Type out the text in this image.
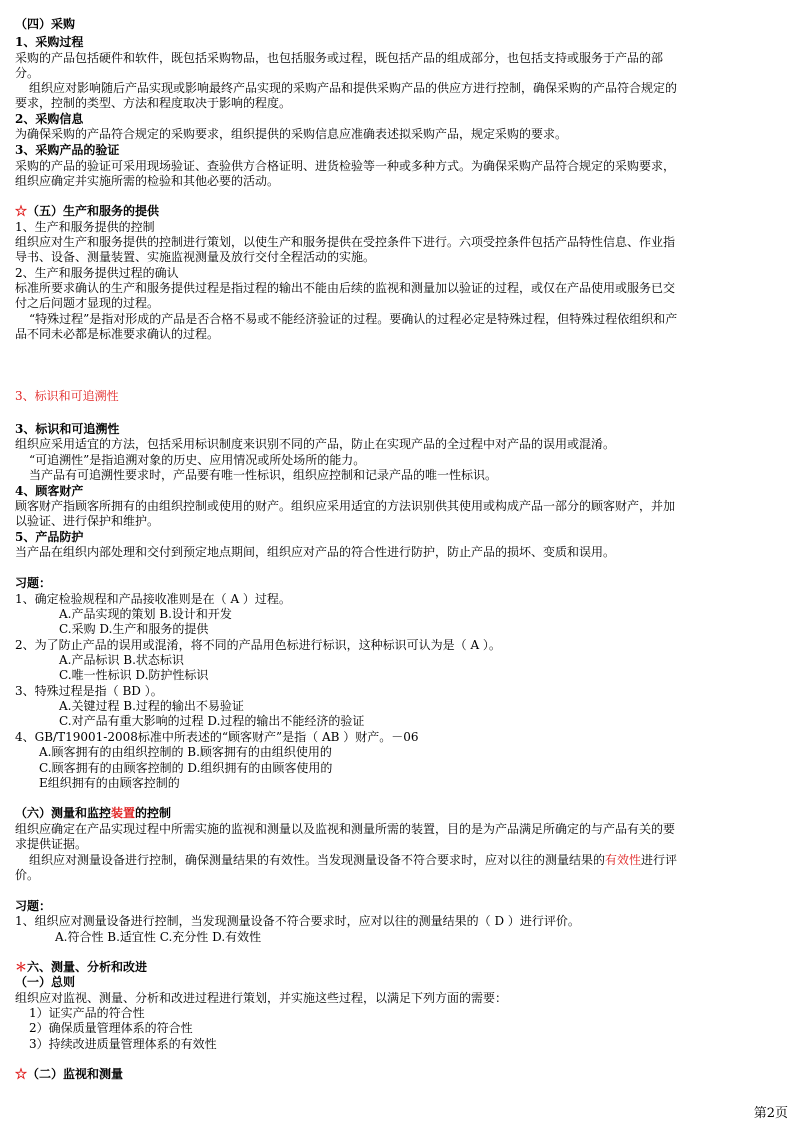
（四）采购
1、采购过程
采购的产品包括硬件和软件，既包括采购物品，也包括服务或过程，既包括产品的组成部分，也包括支持或服务于产品的部
分。
组织应对影响随后产品实现或影响最终产品实现的采购产品和提供采购产品的供应方进行控制，确保采购的产品符合规定的
要求，控制的类型、方法和程度取决于影响的程度。
2、采购信息
为确保采购的产品符合规定的采购要求，组织提供的采购信息应准确表述拟采购产品，规定采购的要求。
3、采购产品的验证
采购的产品的验证可采用现场验证、查验供方合格证明、进货检验等一种或多种方式。为确保采购产品符合规定的采购要求，
组织应确定并实施所需的检验和其他必要的活动。
☆（五）生产和服务的提供
1、生产和服务提供的控制
组织应对生产和服务提供的控制进行策划，以使生产和服务提供在受控条件下进行。六项受控条件包括产品特性信息、作业指
导书、设备、测量装置、实施监视测量及放行交付全程活动的实施。
2、生产和服务提供过程的确认
标准所要求确认的生产和服务提供过程是指过程的输出不能由后续的监视和测量加以验证的过程，或仅在产品使用或服务已交
付之后问题才显现的过程。
“特殊过程”是指对形成的产品是否合格不易或不能经济验证的过程。要确认的过程必定是特殊过程，但特殊过程依组织和产
品不同未必都是标准要求确认的过程。
3、标识和可追溯性
3、标识和可追溯性
组织应采用适宜的方法，包括采用标识制度来识别不同的产品，防止在实现产品的全过程中对产品的误用或混淆。
“可追溯性”是指追溯对象的历史、应用情况或所处场所的能力。
当产品有可追溯性要求时，产品要有唯一性标识，组织应控制和记录产品的唯一性标识。
4、顾客财产
顾客财产指顾客所拥有的由组织控制或使用的财产。组织应采用适宜的方法识别供其使用或构成产品一部分的顾客财产，并加
以验证、进行保护和维护。
5、产品防护
当产品在组织内部处理和交付到预定地点期间，组织应对产品的符合性进行防护，防止产品的损坏、变质和误用。
习题：
1、确定检验规程和产品接收准则是在（ A ）过程。
A.产品实现的策划 B.设计和开发
C.采购 D.生产和服务的提供
2、为了防止产品的误用或混淆，将不同的产品用色标进行标识，这种标识可认为是（ A ）。
A.产品标识 B.状态标识
C.唯一性标识 D.防护性标识
3、特殊过程是指（ BD ）。
A.关键过程 B.过程的输出不易验证
C.对产品有重大影响的过程 D.过程的输出不能经济的验证
4、GB/T19001-2008标准中所表述的“顾客财产”是指（ AB ）财产。－06
A.顾客拥有的由组织控制的 B.顾客拥有的由组织使用的
C.顾客拥有的由顾客控制的 D.组织拥有的由顾客使用的
E组织拥有的由顾客控制的
（六）测量和监控装置的控制
组织应确定在产品实现过程中所需实施的监视和测量以及监视和测量所需的装置，目的是为产品满足所确定的与产品有关的要
求提供证据。
组织应对测量设备进行控制，确保测量结果的有效性。当发现测量设备不符合要求时，应对以往的测量结果的有效性进行评
价。
习题：
1、组织应对测量设备进行控制，当发现测量设备不符合要求时，应对以往的测量结果的（ D ）进行评价。
A.符合性 B.适宜性 C.充分性 D.有效性
＊六、测量、分析和改进
（一）总则
组织应对监视、测量、分析和改进过程进行策划，并实施这些过程，以满足下列方面的需要：
1）证实产品的符合性
2）确保质量管理体系的符合性
3）持续改进质量管理体系的有效性
☆（二）监视和测量
第2页
